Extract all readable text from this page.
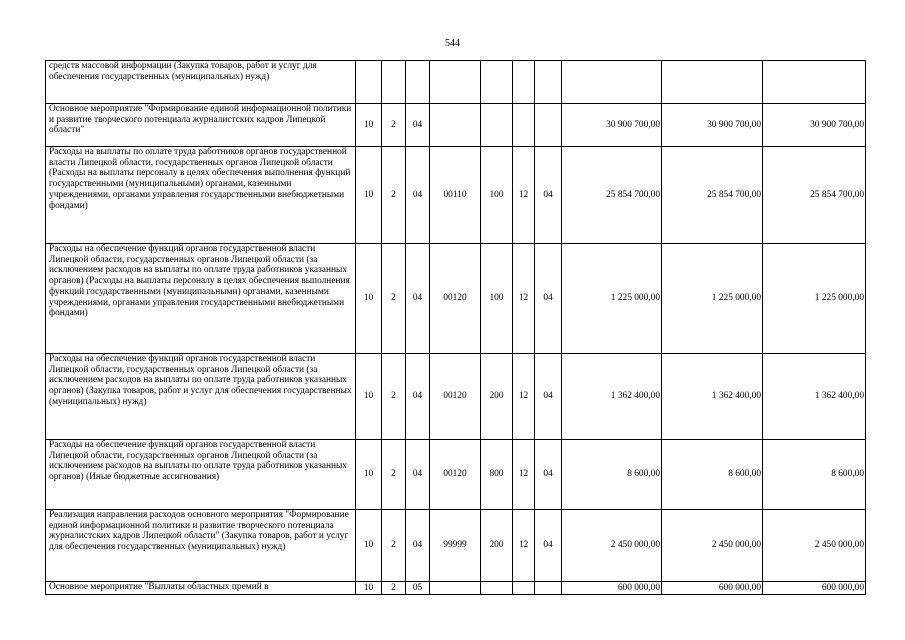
544
средств массовой информации (Закупка товаров, работ и услуг для обеспечения государственных (муниципальных) нужд)										

Основное мероприятие "Формирование единой информационной политики и развитие творческого потенциала журналистских кадров Липецкой области"	10	2	04					30 900 700,00	30 900 700,00	30 900 700,00

Расходы на выплаты по оплате труда работников органов государственной власти Липецкой области, государственных органов Липецкой области (Расходы на выплаты персоналу в целях обеспечения выполнения функций государственными (муниципальными) органами, казенными учреждениями, органами управления государственными внебюджетными фондами)	10	2	04	00110	100	12	04	25 854 700,00	25 854 700,00	25 854 700,00

Расходы на обеспечение функций органов государственной власти Липецкой области, государственных органов Липецкой области (за исключением расходов на выплаты по оплате труда работников указанных органов) (Расходы на выплаты персоналу в целях обеспечения выполнения функций государственными (муниципальными) органами, казенными учреждениями, органами управления государственными внебюджетными фондами)	10	2	04	00120	100	12	04	1 225 000,00	1 225 000,00	1 225 000,00

Расходы на обеспечение функций органов государственной власти Липецкой области, государственных органов Липецкой области (за исключением расходов на выплаты по оплате труда работников указанных органов) (Закупка товаров, работ и услуг для обеспечения государственных (муниципальных) нужд)	10	2	04	00120	200	12	04	1 362 400,00	1 362 400,00	1 362 400,00

Расходы на обеспечение функций органов государственной власти Липецкой области, государственных органов Липецкой области (за исключением расходов на выплаты по оплате труда работников указанных органов) (Иные бюджетные ассигнования)	10	2	04	00120	800	12	04	8 600,00	8 600,00	8 600,00

Реализация направления расходов основного мероприятия "Формирование единой информационной политики и развитие творческого потенциала журналистских кадров Липецкой области" (Закупка товаров, работ и услуг для обеспечения государственных (муниципальных) нужд)	10	2	04	99999	200	12	04	2 450 000,00	2 450 000,00	2 450 000,00

Основное мероприятие "Выплаты областных премий в	10	2	05					600 000,00	600 000,00	600 000,00
